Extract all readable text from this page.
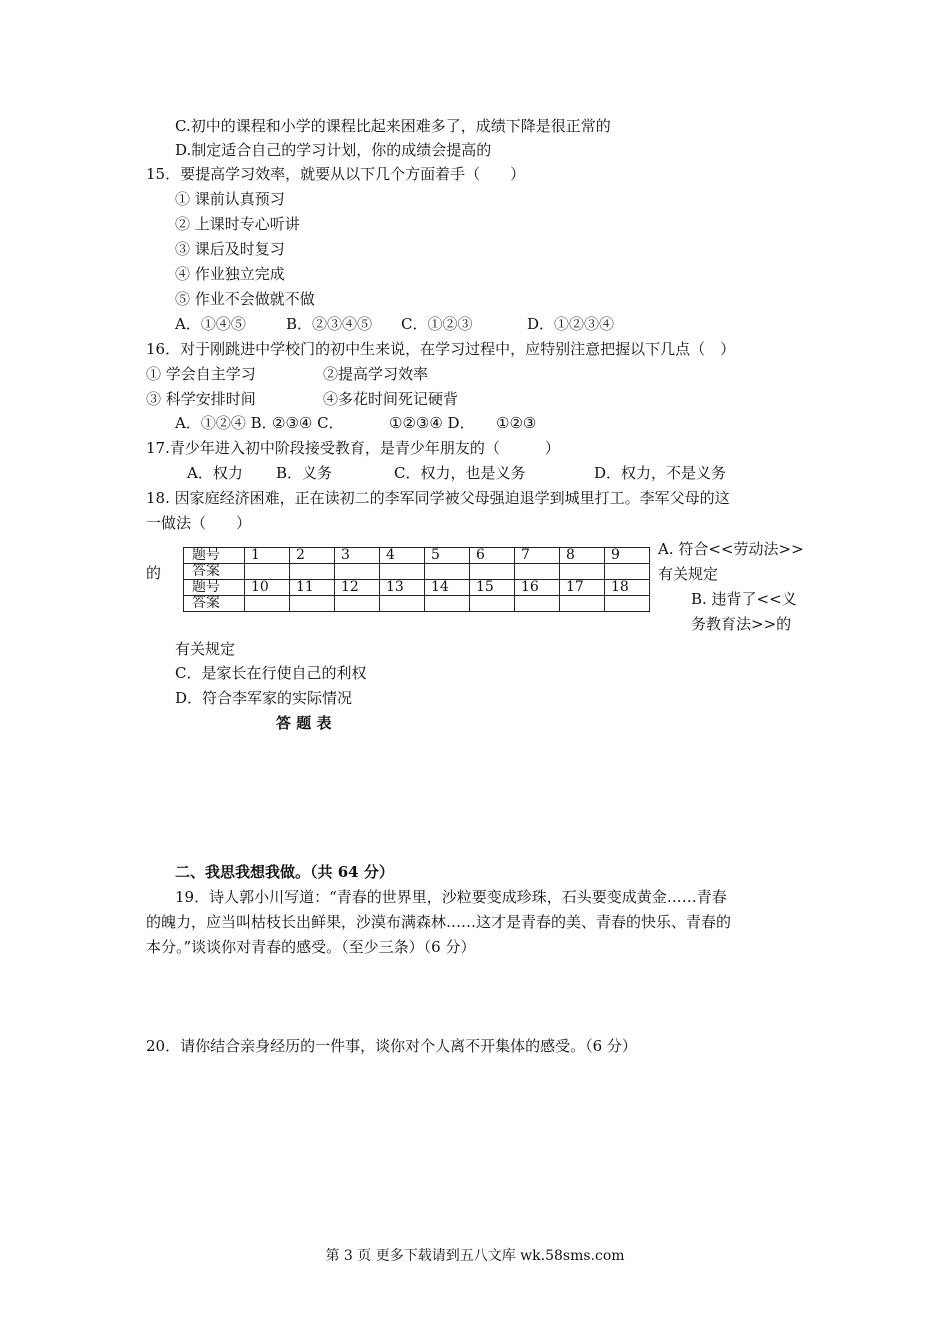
C.初中的课程和小学的课程比起来困难多了，成绩下降是很正常的
D.制定适合自己的学习计划，你的成绩会提高的
15．要提高学习效率，就要从以下几个方面着手（　　）
① 课前认真预习
② 上课时专心听讲
③ 课后及时复习
④ 作业独立完成
⑤ 作业不会做就不做
A．①④⑤	B．②③④⑤ C．①②③	D．①②③④
16．对于刚跳进中学校门的初中生来说，在学习过程中，应特别注意把握以下几点（　）
① 学会自主学习	②提高学习效率
③ 科学安排时间	④多花时间死记硬背
A．①②④ B．
②③④ C．	①②③④ D． ①②③
17.青少年进入初中阶段接受教育，是青少年朋友的（　　　）
A．权力 B．义务	C．权力，也是义务	D．权力，不是义务
18. 因家庭经济困难，正在读初二的李军同学被父母强迫退学到城里打工。李军父母的这
一做法（　　）
的
题号	1	2	3	4	5	6	7	8	9
答案									
题号	10	11	12	13	14	15	16	17	18
答案									
A. 符合<<劳动法>>
有关规定
B. 违背了<<义
务教育法>>的
有关规定
C．是家长在行使自己的利权
D．符合李军家的实际情况
答 题 表
二、我思我想我做。（共 64 分）
19．诗人郭小川写道：“青春的世界里，沙粒要变成珍珠，石头要变成黄金……青春
的魄力，应当叫枯枝长出鲜果，沙漠布满森林……这才是青春的美、青春的快乐、青春的
本分。”谈谈你对青春的感受。（至少三条）（6 分）
20．请你结合亲身经历的一件事，谈你对个人离不开集体的感受。（6 分）
第 3 页 更多下载请到五八文库 wk.58sms.com
